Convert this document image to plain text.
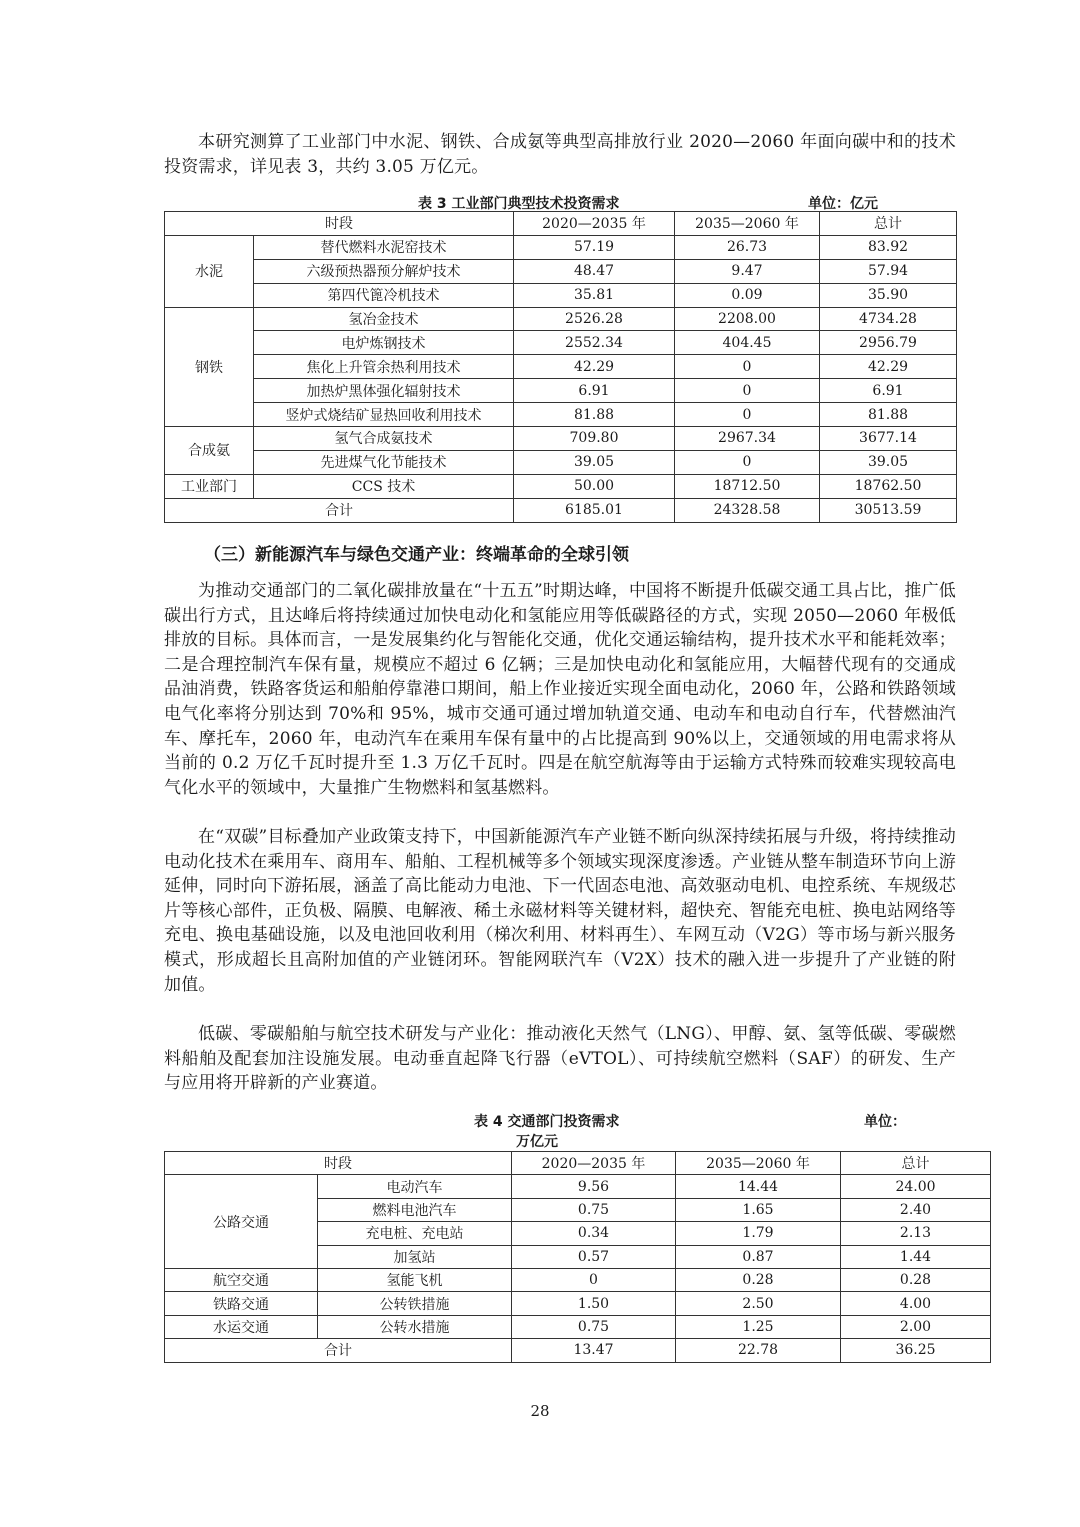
本研究测算了工业部门中水泥、钢铁、合成氨等典型高排放行业 2020—2060 年面向碳中和的技术投资需求，详见表 3，共约 3.05 万亿元。

表 3 工业部门典型技术投资需求	单位：亿元
时段		2020—2035 年	2035—2060 年	总计
水泥	替代燃料水泥窑技术	57.19	26.73	83.92
	六级预热器预分解炉技术	48.47	9.47	57.94
	第四代篦冷机技术	35.81	0.09	35.90
钢铁	氢冶金技术	2526.28	2208.00	4734.28
	电炉炼钢技术	2552.34	404.45	2956.79
	焦化上升管余热利用技术	42.29	0	42.29
	加热炉黑体强化辐射技术	6.91	0	6.91
	竖炉式烧结矿显热回收利用技术	81.88	0	81.88
合成氨	氢气合成氨技术	709.80	2967.34	3677.14
	先进煤气化节能技术	39.05	0	39.05
工业部门	CCS 技术	50.00	18712.50	18762.50
合计		6185.01	24328.58	30513.59
（三）新能源汽车与绿色交通产业：终端革命的全球引领

为推动交通部门的二氧化碳排放量在“十五五”时期达峰，中国将不断提升低碳交通工具占比，推广低碳出行方式，且达峰后将持续通过加快电动化和氢能应用等低碳路径的方式，实现 2050—2060 年极低排放的目标。具体而言，一是发展集约化与智能化交通，优化交通运输结构，提升技术水平和能耗效率；二是合理控制汽车保有量，规模应不超过 6 亿辆；三是加快电动化和氢能应用，大幅替代现有的交通成品油消费，铁路客货运和船舶停靠港口期间，船上作业接近实现全面电动化，2060 年，公路和铁路领域电气化率将分别达到 70%和 95%，城市交通可通过增加轨道交通、电动车和电动自行车，代替燃油汽车、摩托车，2060 年，电动汽车在乘用车保有量中的占比提高到 90%以上，交通领域的用电需求将从当前的 0.2 万亿千瓦时提升至 1.3 万亿千瓦时。四是在航空航海等由于运输方式特殊而较难实现较高电气化水平的领域中，大量推广生物燃料和氢基燃料。

在“双碳”目标叠加产业政策支持下，中国新能源汽车产业链不断向纵深持续拓展与升级，将持续推动电动化技术在乘用车、商用车、船舶、工程机械等多个领域实现深度渗透。产业链从整车制造环节向上游延伸，同时向下游拓展，涵盖了高比能动力电池、下一代固态电池、高效驱动电机、电控系统、车规级芯片等核心部件，正负极、隔膜、电解液、稀土永磁材料等关键材料，超快充、智能充电桩、换电站网络等充电、换电基础设施，以及电池回收利用（梯次利用、材料再生）、车网互动（V2G）等市场与新兴服务模式，形成超长且高附加值的产业链闭环。智能网联汽车（V2X）技术的融入进一步提升了产业链的附加值。

低碳、零碳船舶与航空技术研发与产业化：推动液化天然气（LNG）、甲醇、氨、氢等低碳、零碳燃料船舶及配套加注设施发展。电动垂直起降飞行器（eVTOL）、可持续航空燃料（SAF）的研发、生产与应用将开辟新的产业赛道。

表 4 交通部门投资需求	单位：
万亿元
时段		2020—2035 年	2035—2060 年	总计
公路交通	电动汽车	9.56	14.44	24.00
	燃料电池汽车	0.75	1.65	2.40
	充电桩、充电站	0.34	1.79	2.13
	加氢站	0.57	0.87	1.44
航空交通	氢能飞机	0	0.28	0.28
铁路交通	公转铁措施	1.50	2.50	4.00
水运交通	公转水措施	0.75	1.25	2.00
合计		13.47	22.78	36.25
28
